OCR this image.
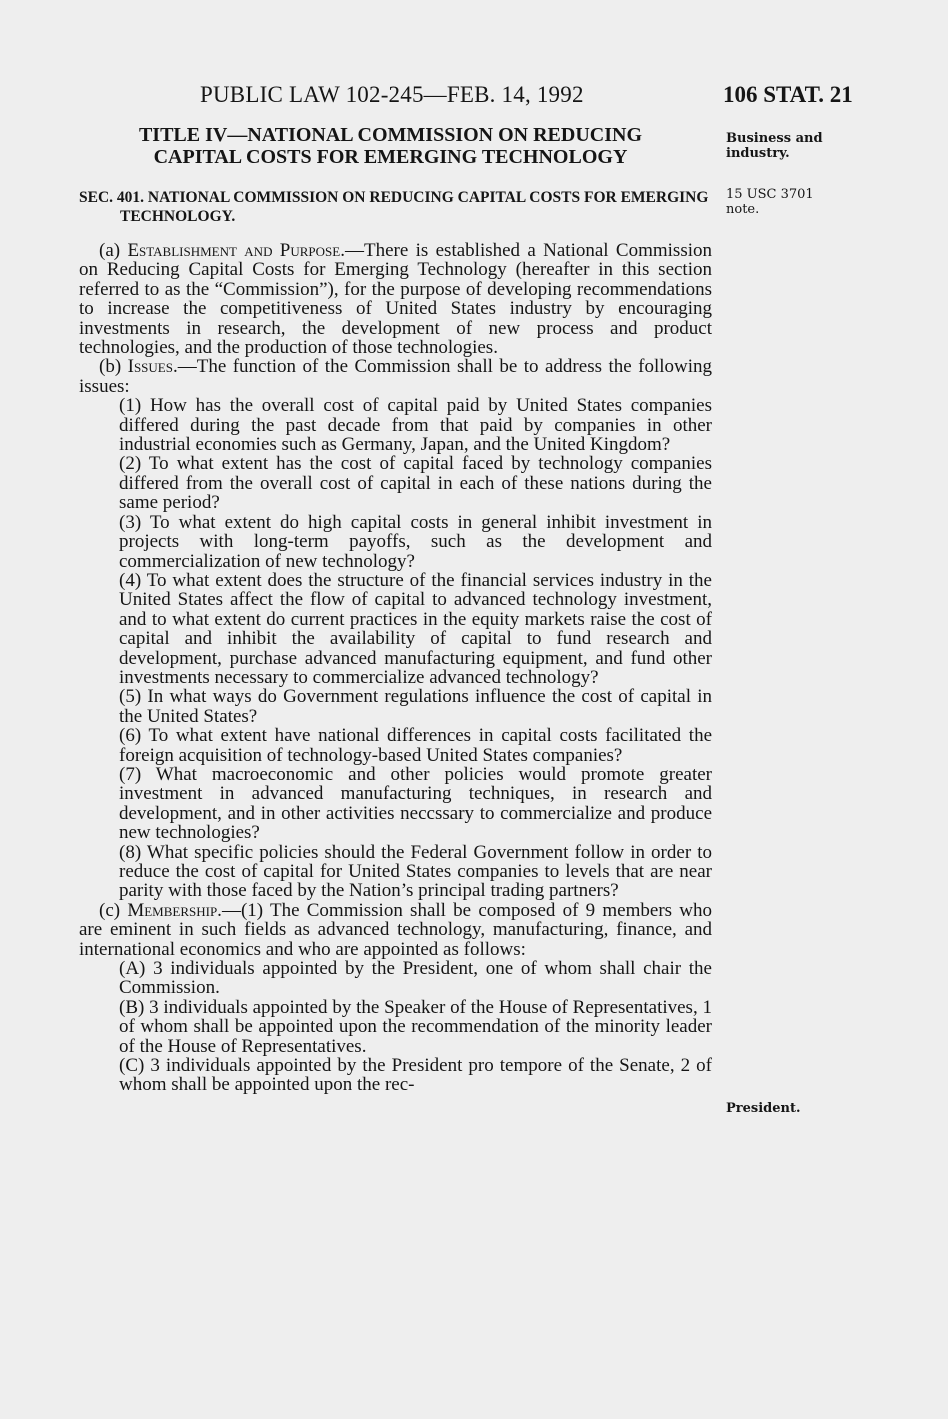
PUBLIC LAW 102-245—FEB. 14, 1992	106 STAT. 21
Business and industry.
15 USC 3701 note.
President.
TITLE IV—NATIONAL COMMISSION ON REDUCING
CAPITAL COSTS FOR EMERGING TECHNOLOGY
SEC. 401. NATIONAL COMMISSION ON REDUCING CAPITAL COSTS FOR EMERGING TECHNOLOGY.

(a) Establishment and Purpose.—There is established a National Commission on Reducing Capital Costs for Emerging Technology (hereafter in this section referred to as the “Commission”), for the purpose of developing recommendations to increase the competitiveness of United States industry by encouraging investments in research, the development of new process and product technologies, and the production of those technologies.

(b) Issues.—The function of the Commission shall be to address the following issues:

(1) How has the overall cost of capital paid by United States companies differed during the past decade from that paid by companies in other industrial economies such as Germany, Japan, and the United Kingdom?

(2) To what extent has the cost of capital faced by technology companies differed from the overall cost of capital in each of these nations during the same period?

(3) To what extent do high capital costs in general inhibit investment in projects with long-term payoffs, such as the development and commercialization of new technology?

(4) To what extent does the structure of the financial services industry in the United States affect the flow of capital to advanced technology investment, and to what extent do current practices in the equity markets raise the cost of capital and inhibit the availability of capital to fund research and development, purchase advanced manufacturing equipment, and fund other investments necessary to commercialize advanced technology?

(5) In what ways do Government regulations influence the cost of capital in the United States?

(6) To what extent have national differences in capital costs facilitated the foreign acquisition of technology-based United States companies?

(7) What macroeconomic and other policies would promote greater investment in advanced manufacturing techniques, in research and development, and in other activities neccssary to commercialize and produce new technologies?

(8) What specific policies should the Federal Government follow in order to reduce the cost of capital for United States companies to levels that are near parity with those faced by the Nation’s principal trading partners?

(c) Membership.—(1) The Commission shall be composed of 9 members who are eminent in such fields as advanced technology, manufacturing, finance, and international economics and who are appointed as follows:

(A) 3 individuals appointed by the President, one of whom shall chair the Commission.

(B) 3 individuals appointed by the Speaker of the House of Representatives, 1 of whom shall be appointed upon the recommendation of the minority leader of the House of Representatives.

(C) 3 individuals appointed by the President pro tempore of the Senate, 2 of whom shall be appointed upon the rec-
